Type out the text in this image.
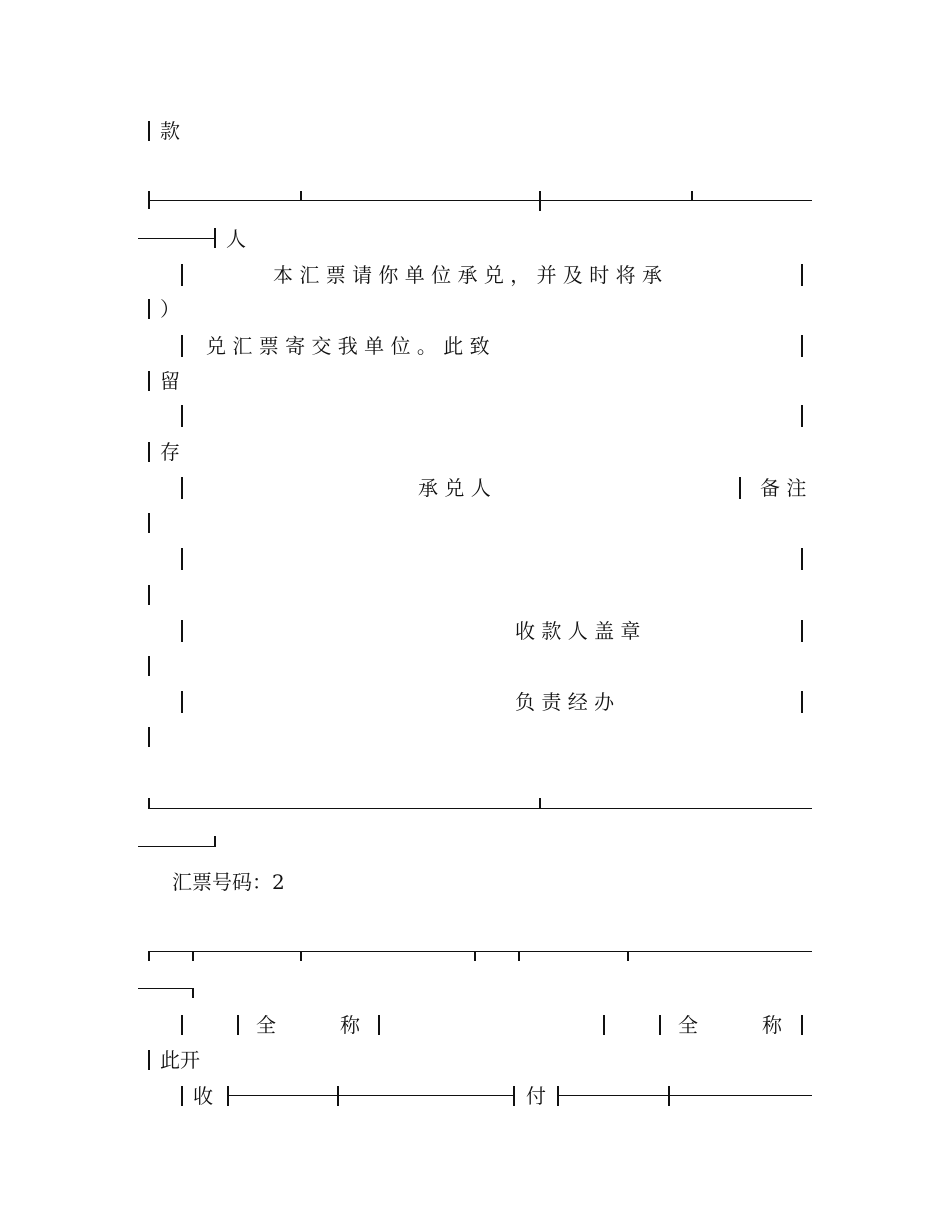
款
人
本 汇 票 请 你 单 位 承 兑 ， 并 及 时 将 承
）
兑 汇 票 寄 交 我 单 位 。 此 致
留
存
承 兑 人	备 注
收 款 人 盖 章
负 责 经 办
汇票号码：2
全	称	全	称
此开
收	付
